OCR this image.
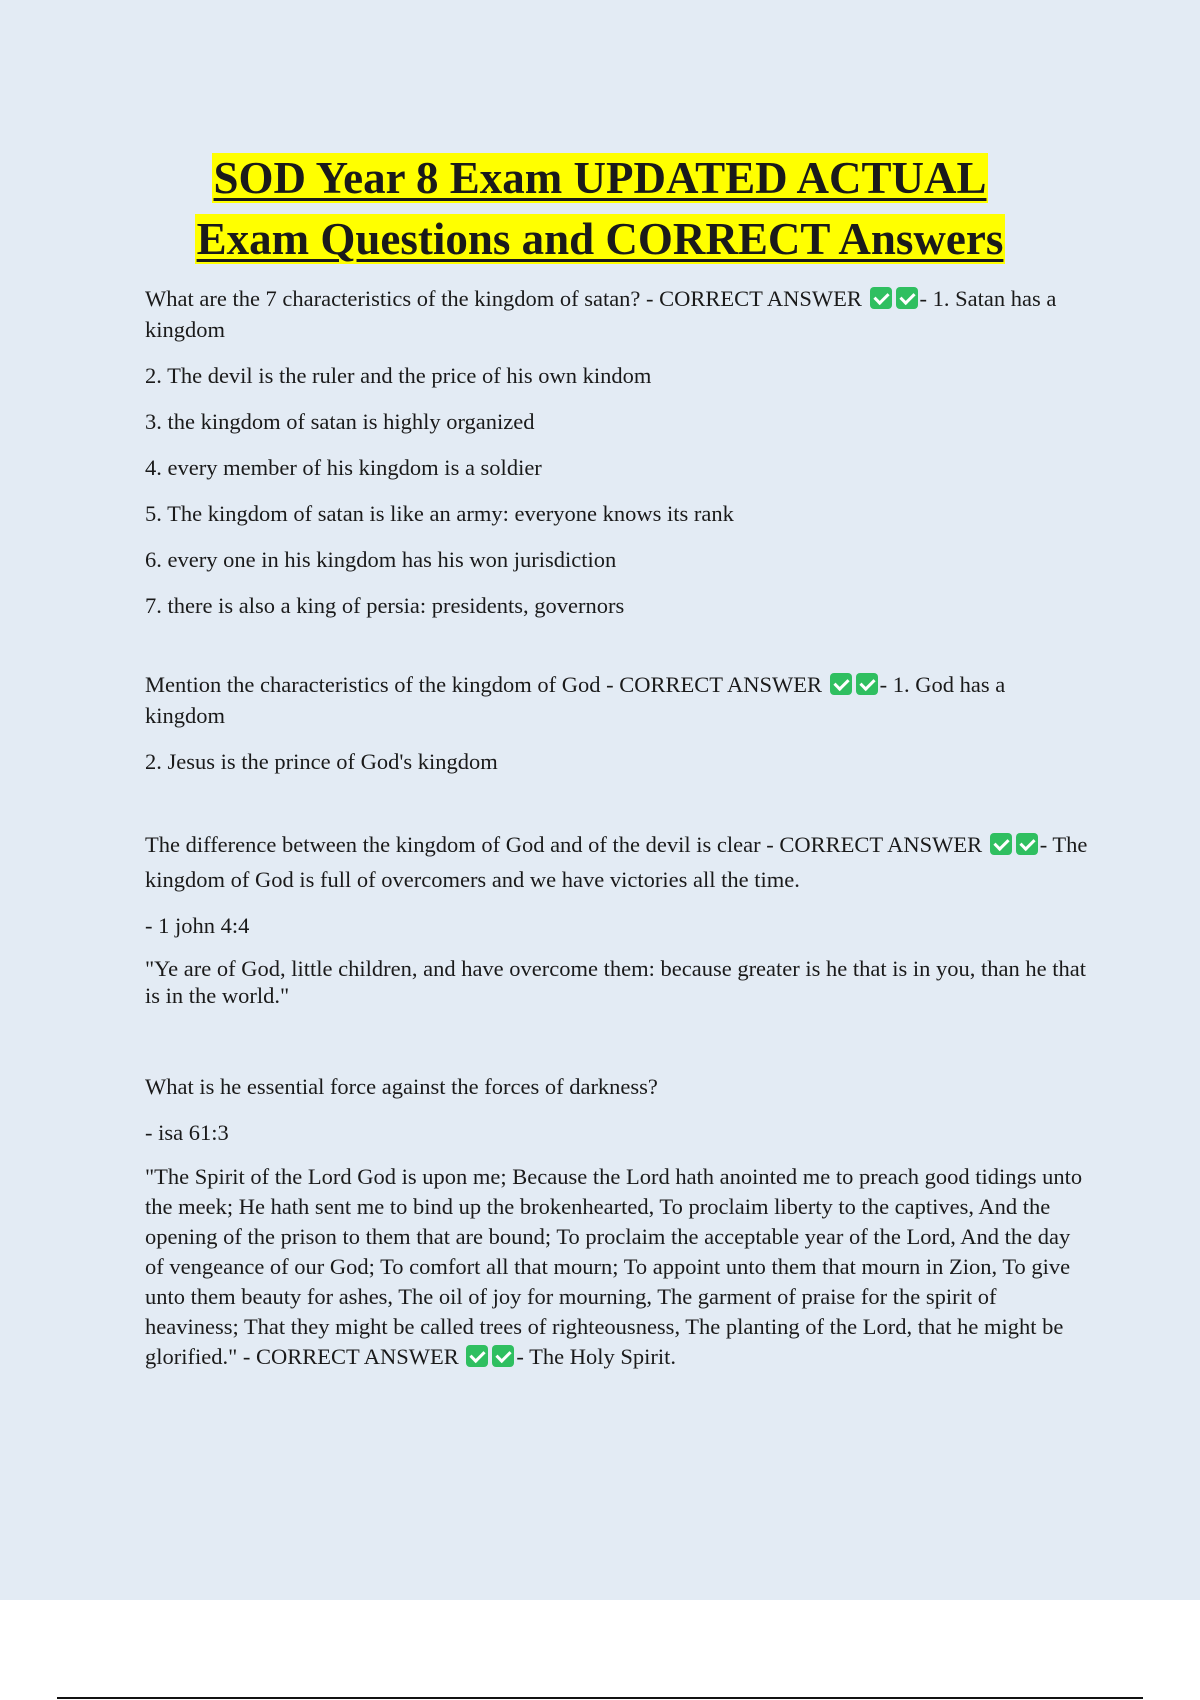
SOD Year 8 Exam UPDATED ACTUAL
Exam Questions and CORRECT Answers

What are the 7 characteristics of the kingdom of satan? - CORRECT ANSWER	- 1. Satan has a kingdom

2. The devil is the ruler and the price of his own kindom

3. the kingdom of satan is highly organized

4. every member of his kingdom is a soldier

5. The kingdom of satan is like an army: everyone knows its rank

6. every one in his kingdom has his won jurisdiction

7. there is also a king of persia: presidents, governors

Mention the characteristics of the kingdom of God - CORRECT ANSWER	- 1. God has a kingdom

2. Jesus is the prince of God's kingdom

The difference between the kingdom of God and of the devil is clear - CORRECT ANSWER	- The kingdom of God is full of overcomers and we have victories all the time.

- 1 john 4:4

"Ye are of God, little children, and have overcome them: because greater is he that is in you, than he that is in the world."

What is he essential force against the forces of darkness?

- isa 61:3

"The Spirit of the Lord God is upon me; Because the Lord hath anointed me to preach good tidings unto the meek; He hath sent me to bind up the brokenhearted, To proclaim liberty to the captives, And the opening of the prison to them that are bound; To proclaim the acceptable year of the Lord, And the day of vengeance of our God; To comfort all that mourn; To appoint unto them that mourn in Zion, To give unto them beauty for ashes, The oil of joy for mourning, The garment of praise for the spirit of heaviness; That they might be called trees of righteousness, The planting of the Lord, that he might be glorified." - CORRECT ANSWER	- The Holy Spirit.
